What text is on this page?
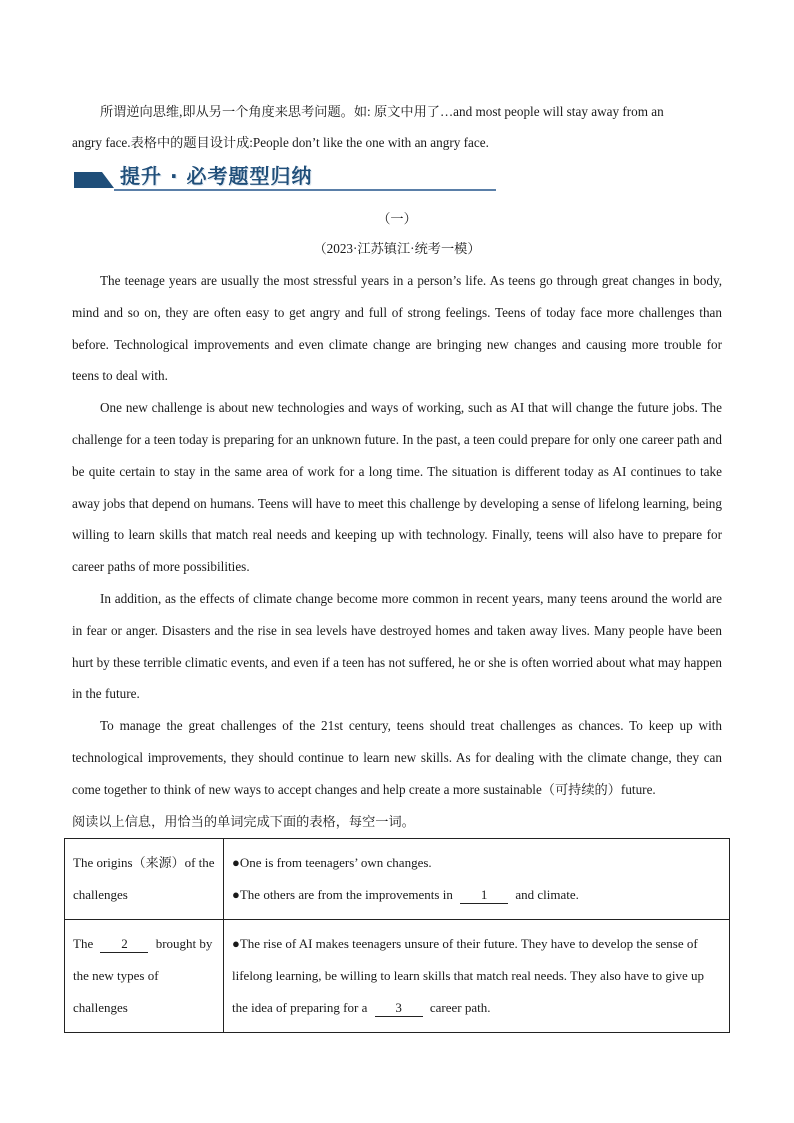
所谓逆向思维,即从另一个角度来思考问题。如: 原文中用了…and most people will stay away from an

angry face.表格中的题目设计成:People don’t like the one with an angry face.
提升 · 必考题型归纳
（一）
（2023·江苏镇江·统考一模）

The teenage years are usually the most stressful years in a person’s life. As teens go through great changes in body, mind and so on, they are often easy to get angry and full of strong feelings. Teens of today face more challenges than before. Technological improvements and even climate change are bringing new changes and causing more trouble for teens to deal with.

One new challenge is about new technologies and ways of working, such as AI that will change the future jobs. The challenge for a teen today is preparing for an unknown future. In the past, a teen could prepare for only one career path and be quite certain to stay in the same area of work for a long time. The situation is different today as AI continues to take away jobs that depend on humans. Teens will have to meet this challenge by developing a sense of lifelong learning, being willing to learn skills that match real needs and keeping up with technology. Finally, teens will also have to prepare for career paths of more possibilities.

In addition, as the effects of climate change become more common in recent years, many teens around the world are in fear or anger. Disasters and the rise in sea levels have destroyed homes and taken away lives. Many people have been hurt by these terrible climatic events, and even if a teen has not suffered, he or she is often worried about what may happen in the future.

To manage the great challenges of the 21st century, teens should treat challenges as chances. To keep up with technological improvements, they should continue to learn new skills. As for dealing with the climate change, they can come together to think of new ways to accept changes and help create a more sustainable（可持续的）future.

阅读以上信息，用恰当的单词完成下面的表格，每空一词。
The origins（来源）of the challenges	●One is from teenagers’ own changes.
●The others are from the improvements in 1 and climate.

The 2 brought by the new types of challenges	●The rise of AI makes teenagers unsure of their future. They have to develop the sense of lifelong learning, be willing to learn skills that match real needs. They also have to give up the idea of preparing for a 3 career path.
